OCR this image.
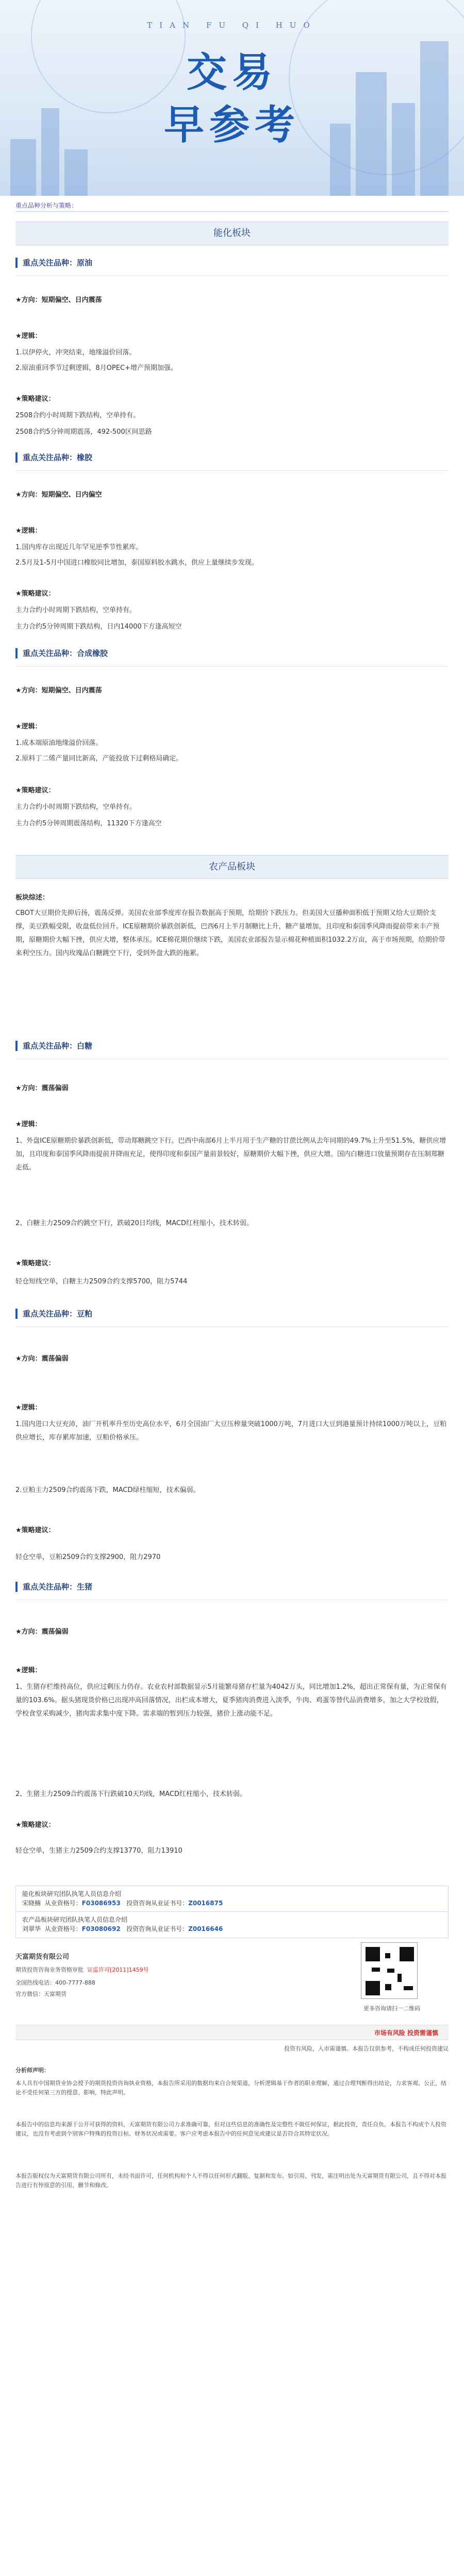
TIAN FU QI HUO
交易
早参考
重点品种分析与策略：
能化板块
重点关注品种：原油
★方向：短期偏空、日内震荡
★逻辑：
1.以伊停火，冲突结束，地缘溢价回落。
2.原油重回季节过剩逻辑，8月OPEC+增产预期加强。
★策略建议：
2508合约小时周期下跌结构，空单持有。
2508合约5分钟周期震荡，492-500区间思路
重点关注品种：橡胶
★方向：短期偏空、日内偏空
★逻辑：
1.国内库存出现近几年罕见逆季节性累库。
2.5月及1-5月中国进口橡胶同比增加，泰国原料胶水跳水，供应上量继续步发现。
★策略建议：
主力合约小时周期下跌结构，空单持有。
主力合约5分钟周期下跌结构，日内14000下方逢高短空
重点关注品种：合成橡胶
★方向：短期偏空、日内震荡
★逻辑：
1.成本端原油地缘溢价回落。
2.原料丁二烯产量同比新高，产能投放下过剩格局确定。
★策略建议：
主力合约小时周期下跌结构，空单持有。
主力合约5分钟周期震荡结构，11320下方逢高空
农产品板块
板块综述：
CBOT大豆期价先抑后扬，震荡反弹。美国农业部季度库存报告数据高于预期，给期价下跌压力。但美国大豆播种面积低于预期又给大豆期价支撑，美豆跌幅受限，收盘低位回升。ICE原糖期价暴跌创新低，巴西6月上半月制糖比上升，糖产量增加，且印度和泰国季风降雨提前带来丰产预期，原糖期价大幅下挫，供应大增，整体承压。ICE棉花期价继续下跌，美国农业部报告显示棉花种植面积1032.2万亩，高于市场预期，给期价带来利空压力。国内玫瑰品白糖跳空下行，受到外盘大跌的拖累。
重点关注品种：白糖
★方向：震荡偏弱
★逻辑：
1、外盘ICE原糖期价暴跌创新低，带动郑糖跳空下行。巴西中南部6月上半月用于生产糖的甘蔗比例从去年同期的49.7%上升至51.5%，糖供应增加，且印度和泰国季风降雨提前并降雨充足，使得印度和泰国产量前景较好，原糖期价大幅下挫，供应大增。国内白糖进口放量预期存在压制郑糖走低。
2、白糖主力2509合约跳空下行，跌破20日均线，MACD红柱缩小，技术转弱。
★策略建议：
轻仓短线空单，白糖主力2509合约支撑5700，阻力5744
重点关注品种：豆粕
★方向：震荡偏弱
★逻辑：
1.国内进口大豆充沛，油厂开机率升至历史高位水平，6月全国油厂大豆压榨量突破1000万吨，7月进口大豆到港量预计持续1000万吨以上，豆粕供应增长，库存累库加速，豆粕价格承压。
2.豆粕主力2509合约震荡下跌，MACD绿柱缩短，技术偏弱。
★策略建议：
轻仓空单，豆粕2509合约支撑2900，阻力2970
重点关注品种：生猪
★方向：震荡偏弱
★逻辑：
1、生猪存栏维持高位，供应过剩压力仍存。农业农村部数据显示5月能繁母猪存栏量为4042万头，同比增加1.2%，超出正常保有量，为正常保有量的103.6%。据头猪现货价格已出现冲高回落情况，出栏成本增大，夏季猪肉消费进入淡季，牛肉、鸡蛋等替代品消费增多，加之大学校放假，学校食堂采购减少，猪肉需求集中度下降。需求端的暂到压力较强，猪价上涨动能不足。
2、生猪主力2509合约震荡下行跌破10天均线，MACD红柱缩小，技术转弱。
★策略建议：
轻仓空单，生猪主力2509合约支撑13770，阻力13910
能化板块研究团队执笔人员信息介绍
宋晓楠 从业资格号：F03086953 投资咨询从业证书号：Z0016875
农产品板块研究团队执笔人员信息介绍
刘翠华 从业资格号：F03080692 投资咨询从业证书号：Z0016646
天富期货有限公司
期货投资咨询业务资格审批 证监许可[2011]1459号
全国热线电话：400-7777-888
官方微信：天富期货
更多咨询请扫一二维码
市场有风险 投资需谨慎
投资有风险，入市需谨慎。本报告仅供参考，不构成任何投资建议
分析师声明：
本人具有中国期货业协会授予的期货投资咨询执业资格，本报告所采用的数据均来自合规渠道，分析逻辑基于作者的职业理解，通过合理判断得出结论，力求客观、公正，结论不受任何第三方的授意、影响，特此声明。
本报告中的信息均来源于公开可获得的资料，天富期货有限公司力求准确可靠，但对这些信息的准确性及完整性不做任何保证，据此投资，责任自负。本报告不构成个人投资建议，也没有考虑到个别客户特殊的投资目标、财务状况或需要。客户应考虑本报告中的任何意见或建议是否符合其特定状况。
本报告版权仅为天富期货有限公司所有，未经书面许可，任何机构和个人不得以任何形式翻版、复制和发布。如引用、刊发，需注明出处为天富期货有限公司，且不得对本报告进行有悖原意的引用、删节和修改。
